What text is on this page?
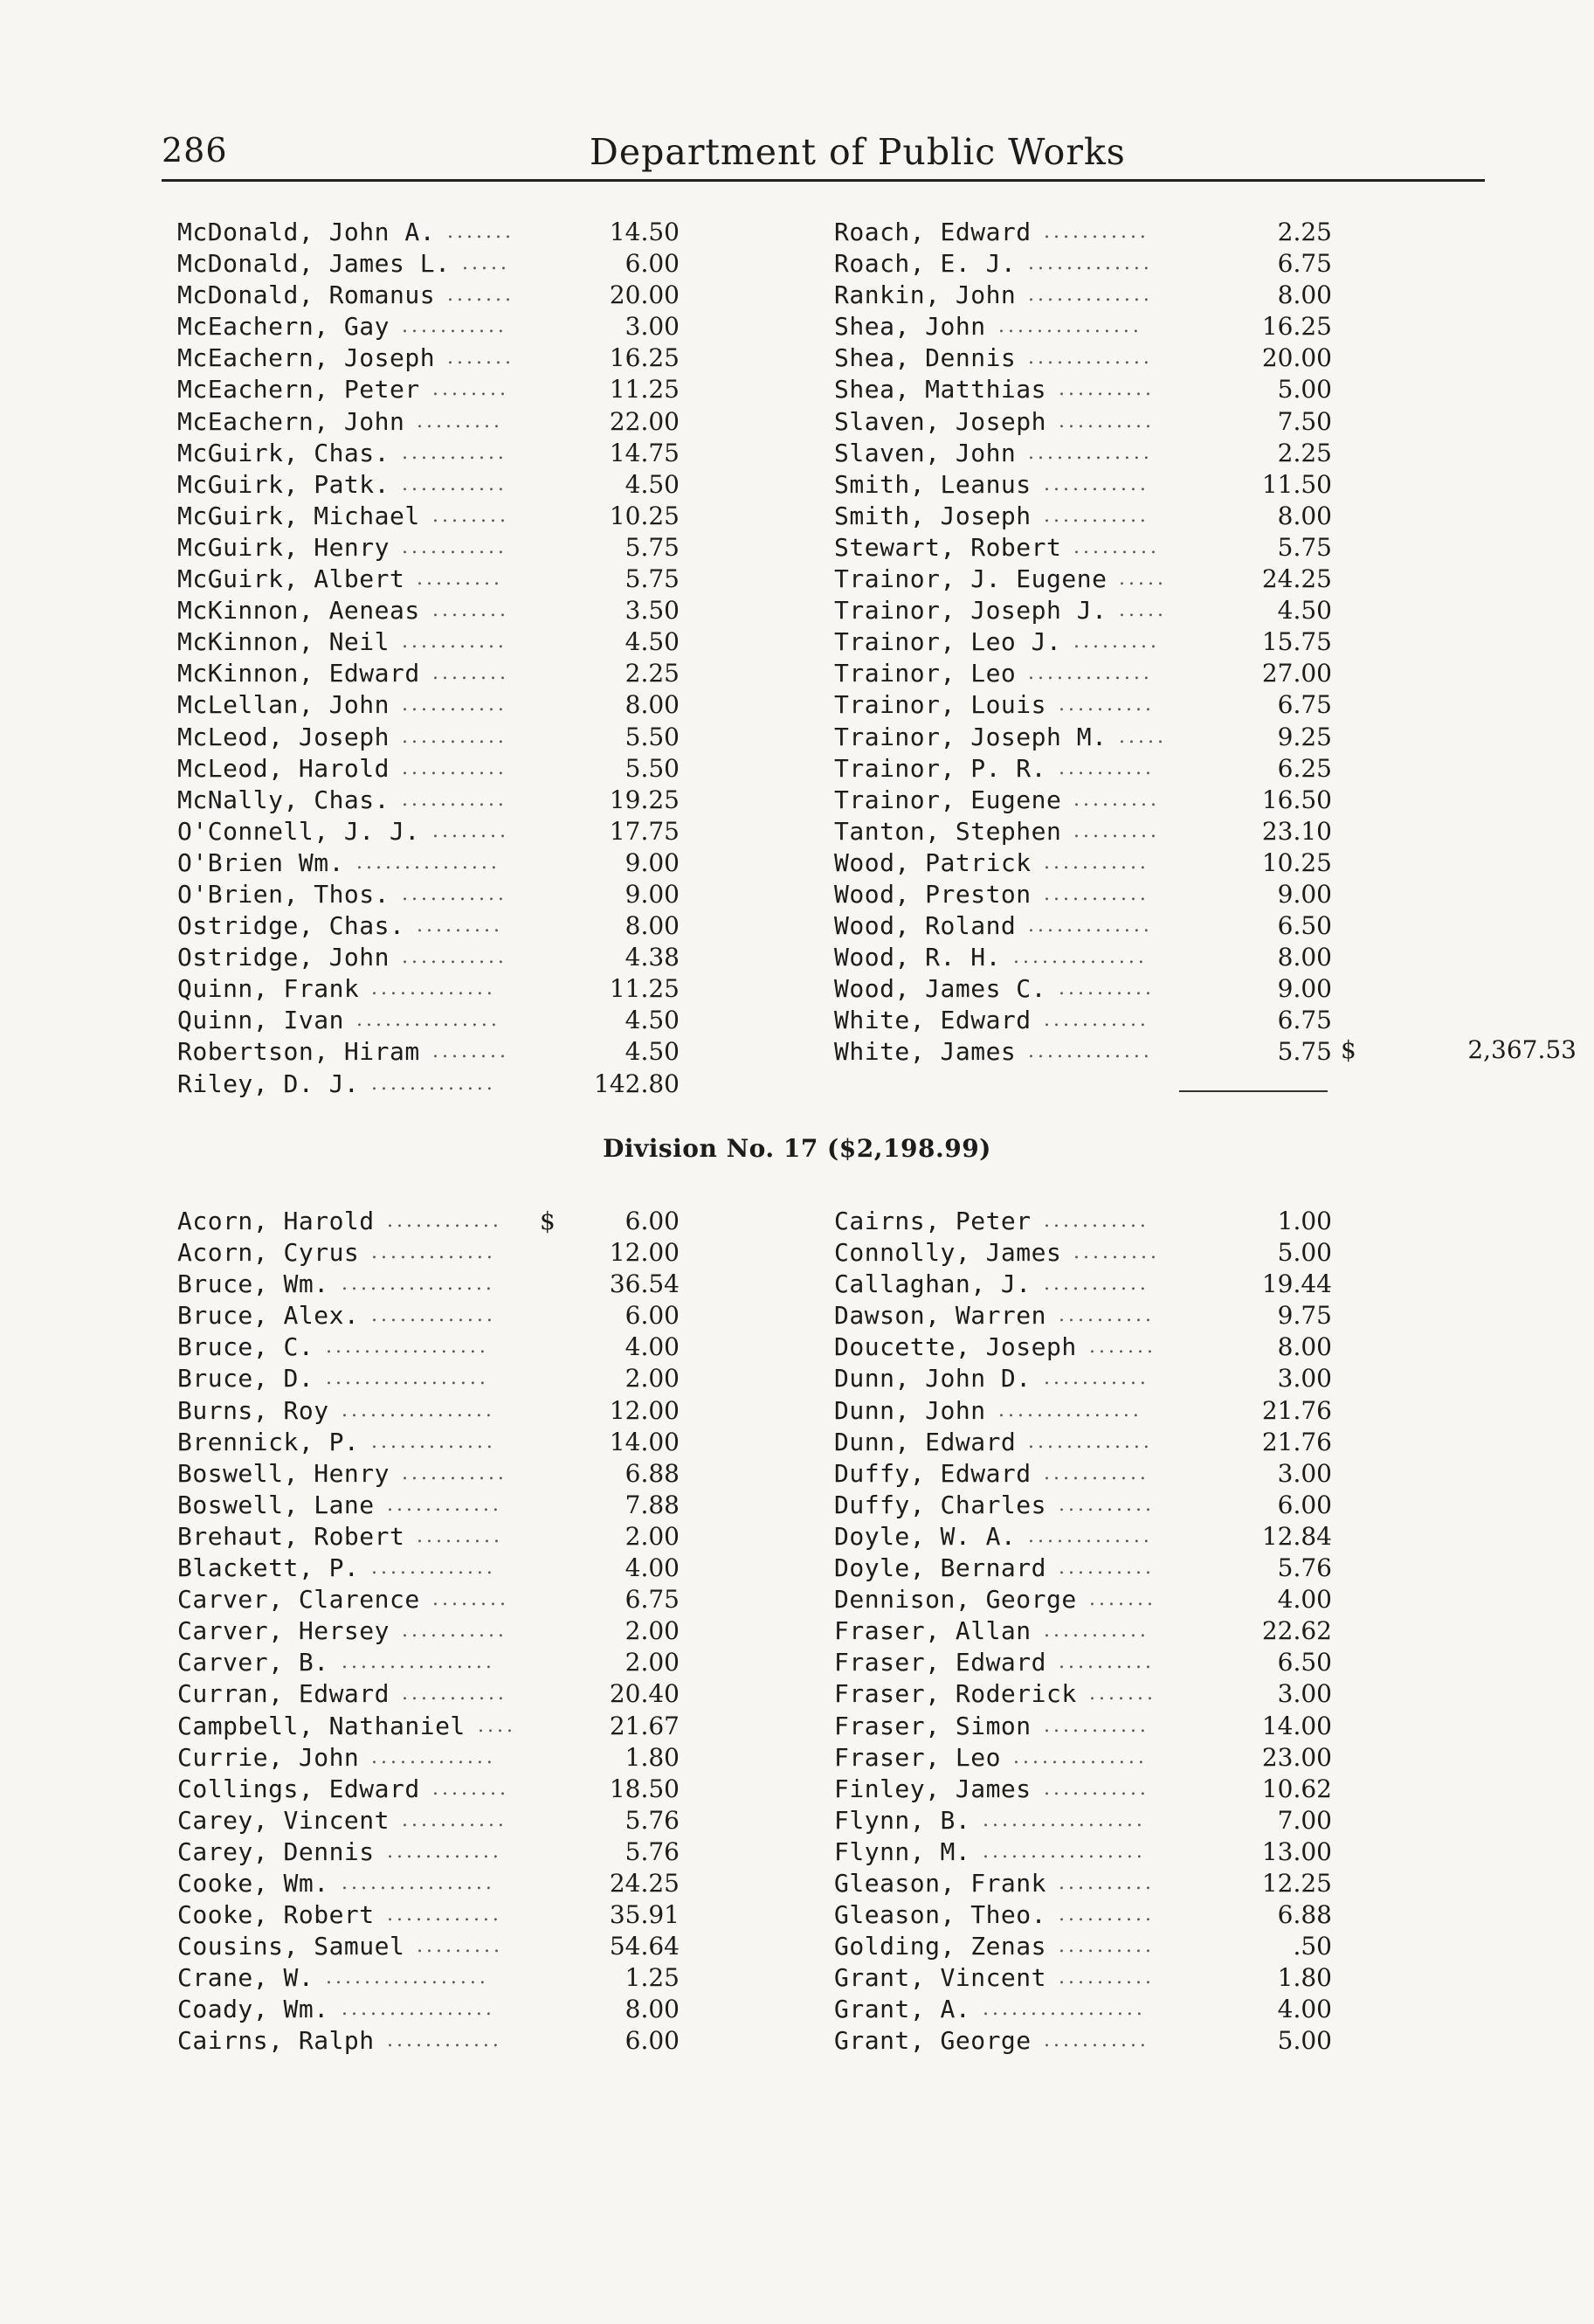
286	Department of Public Works
McDonald, John A. .......	14.50
McDonald, James L. .....	6.00
McDonald, Romanus .......	20.00
McEachern, Gay ...........	3.00
McEachern, Joseph .......	16.25
McEachern, Peter ........	11.25
McEachern, John .........	22.00
McGuirk, Chas. ...........	14.75
McGuirk, Patk. ...........	4.50
McGuirk, Michael ........	10.25
McGuirk, Henry ...........	5.75
McGuirk, Albert .........	5.75
McKinnon, Aeneas ........	3.50
McKinnon, Neil ...........	4.50
McKinnon, Edward ........	2.25
McLellan, John ...........	8.00
McLeod, Joseph ...........	5.50
McLeod, Harold ...........	5.50
McNally, Chas. ...........	19.25
O'Connell, J. J. ........	17.75
O'Brien Wm. ...............	9.00
O'Brien, Thos. ...........	9.00
Ostridge, Chas. .........	8.00
Ostridge, John ...........	4.38
Quinn, Frank .............	11.25
Quinn, Ivan ...............	4.50
Robertson, Hiram ........	4.50
Riley, D. J. .............	142.80
Roach, Edward ...........	2.25
Roach, E. J. .............	6.75
Rankin, John .............	8.00
Shea, John ...............	16.25
Shea, Dennis .............	20.00
Shea, Matthias ..........	5.00
Slaven, Joseph ..........	7.50
Slaven, John .............	2.25
Smith, Leanus ...........	11.50
Smith, Joseph ...........	8.00
Stewart, Robert .........	5.75
Trainor, J. Eugene .....	24.25
Trainor, Joseph J. .....	4.50
Trainor, Leo J. .........	15.75
Trainor, Leo .............	27.00
Trainor, Louis ..........	6.75
Trainor, Joseph M. .....	9.25
Trainor, P. R. ..........	6.25
Trainor, Eugene .........	16.50
Tanton, Stephen .........	23.10
Wood, Patrick ...........	10.25
Wood, Preston ...........	9.00
Wood, Roland .............	6.50
Wood, R. H. ..............	8.00
Wood, James C. ..........	9.00
White, Edward ...........	6.75
White, James .............	5.75 $	2,367.53
Division No. 17 ($2,198.99)
Acorn, Harold ............	6.00
Acorn, Cyrus .............	12.00
Bruce, Wm. ................	36.54
Bruce, Alex. .............	6.00
Bruce, C. .................	4.00
Bruce, D. .................	2.00
Burns, Roy ................	12.00
Brennick, P. .............	14.00
Boswell, Henry ...........	6.88
Boswell, Lane ............	7.88
Brehaut, Robert .........	2.00
Blackett, P. .............	4.00
Carver, Clarence ........	6.75
Carver, Hersey ...........	2.00
Carver, B. ................	2.00
Curran, Edward ...........	20.40
Campbell, Nathaniel ....	21.67
Currie, John .............	1.80
Collings, Edward ........	18.50
Carey, Vincent ...........	5.76
Carey, Dennis ............	5.76
Cooke, Wm. ................	24.25
Cooke, Robert ............	35.91
Cousins, Samuel .........	54.64
Crane, W. .................	1.25
Coady, Wm. ................	8.00
Cairns, Ralph ............	6.00
Cairns, Peter ...........	1.00
Connolly, James .........	5.00
Callaghan, J. ...........	19.44
Dawson, Warren ..........	9.75
Doucette, Joseph .......	8.00
Dunn, John D. ...........	3.00
Dunn, John ...............	21.76
Dunn, Edward .............	21.76
Duffy, Edward ...........	3.00
Duffy, Charles ..........	6.00
Doyle, W. A. .............	12.84
Doyle, Bernard ..........	5.76
Dennison, George .......	4.00
Fraser, Allan ...........	22.62
Fraser, Edward ..........	6.50
Fraser, Roderick .......	3.00
Fraser, Simon ...........	14.00
Fraser, Leo ..............	23.00
Finley, James ...........	10.62
Flynn, B. .................	7.00
Flynn, M. .................	13.00
Gleason, Frank ..........	12.25
Gleason, Theo. ..........	6.88
Golding, Zenas ..........	.50
Grant, Vincent ..........	1.80
Grant, A. .................	4.00
Grant, George ...........	5.00
$
